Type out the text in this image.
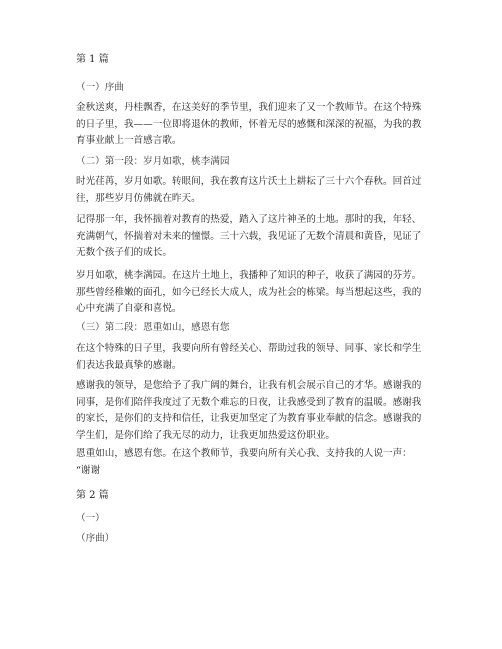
第 1 篇
（一）序曲
金秋送爽，丹桂飘香，在这美好的季节里，我们迎来了又一个教师节。在这个特殊
的日子里，我——一位即将退休的教师，怀着无尽的感慨和深深的祝福，为我的教
育事业献上一首感言歌。
（二）第一段：岁月如歌，桃李满园
时光荏苒，岁月如歌。转眼间，我在教育这片沃土上耕耘了三十六个春秋。回首过
往，那些岁月仿佛就在昨天。
记得那一年，我怀揣着对教育的热爱，踏入了这片神圣的土地。那时的我，年轻、
充满朝气，怀揣着对未来的憧憬。三十六载，我见证了无数个清晨和黄昏，见证了
无数个孩子们的成长。
岁月如歌，桃李满园。在这片土地上，我播种了知识的种子，收获了满园的芬芳。
那些曾经稚嫩的面孔，如今已经长大成人，成为社会的栋梁。每当想起这些，我的
心中充满了自豪和喜悦。
（三）第二段：恩重如山，感恩有您
在这个特殊的日子里，我要向所有曾经关心、帮助过我的领导、同事、家长和学生
们表达我最真挚的感谢。
感谢我的领导，是您给予了我广阔的舞台，让我有机会展示自己的才华。感谢我的
同事，是你们陪伴我度过了无数个难忘的日夜，让我感受到了教育的温暖。感谢我
的家长，是你们的支持和信任，让我更加坚定了为教育事业奉献的信念。感谢我的
学生们，是你们给了我无尽的动力，让我更加热爱这份职业。
恩重如山，感恩有您。在这个教师节，我要向所有关心我、支持我的人说一声：
“谢谢
第 2 篇
（一）
（序曲）
